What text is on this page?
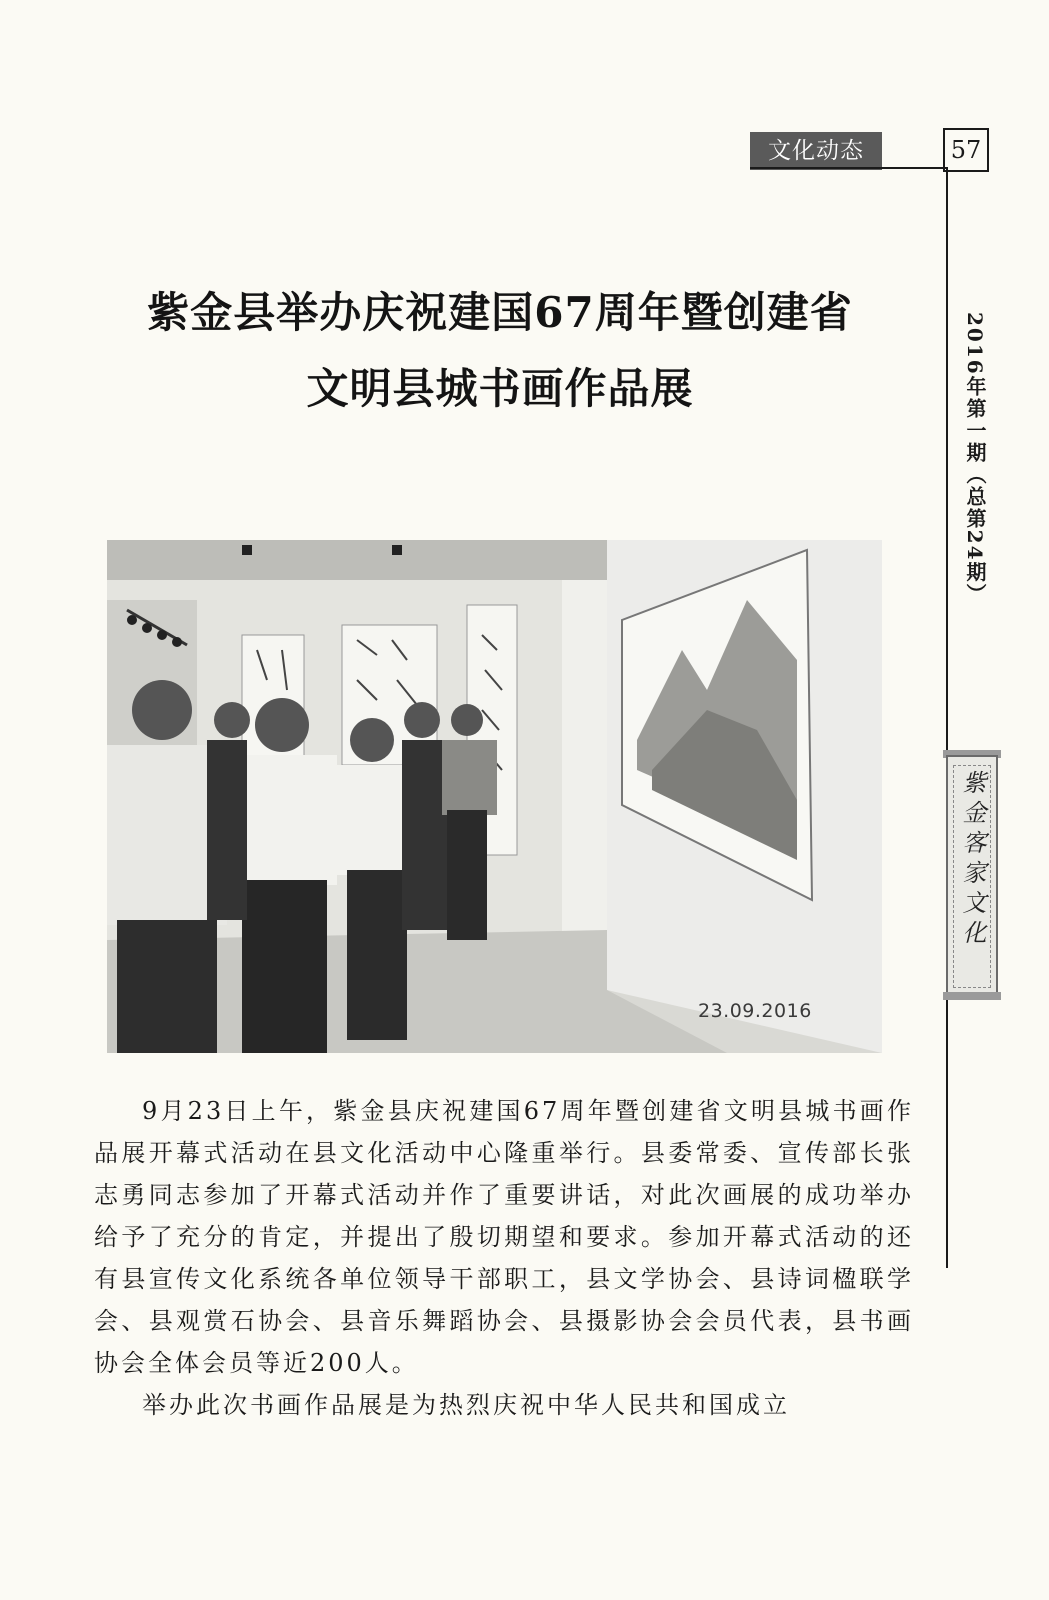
文化动态	57
2016年第一期（总第24期）
紫金客家文化
紫金县举办庆祝建国67周年暨创建省
文明县城书画作品展
23.09.2016

9月23日上午，紫金县庆祝建国67周年暨创建省文明县城书画作品展开幕式活动在县文化活动中心隆重举行。县委常委、宣传部长张志勇同志参加了开幕式活动并作了重要讲话，对此次画展的成功举办给予了充分的肯定，并提出了殷切期望和要求。参加开幕式活动的还有县宣传文化系统各单位领导干部职工，县文学协会、县诗词楹联学会、县观赏石协会、县音乐舞蹈协会、县摄影协会会员代表，县书画协会全体会员等近200人。

举办此次书画作品展是为热烈庆祝中华人民共和国成立
